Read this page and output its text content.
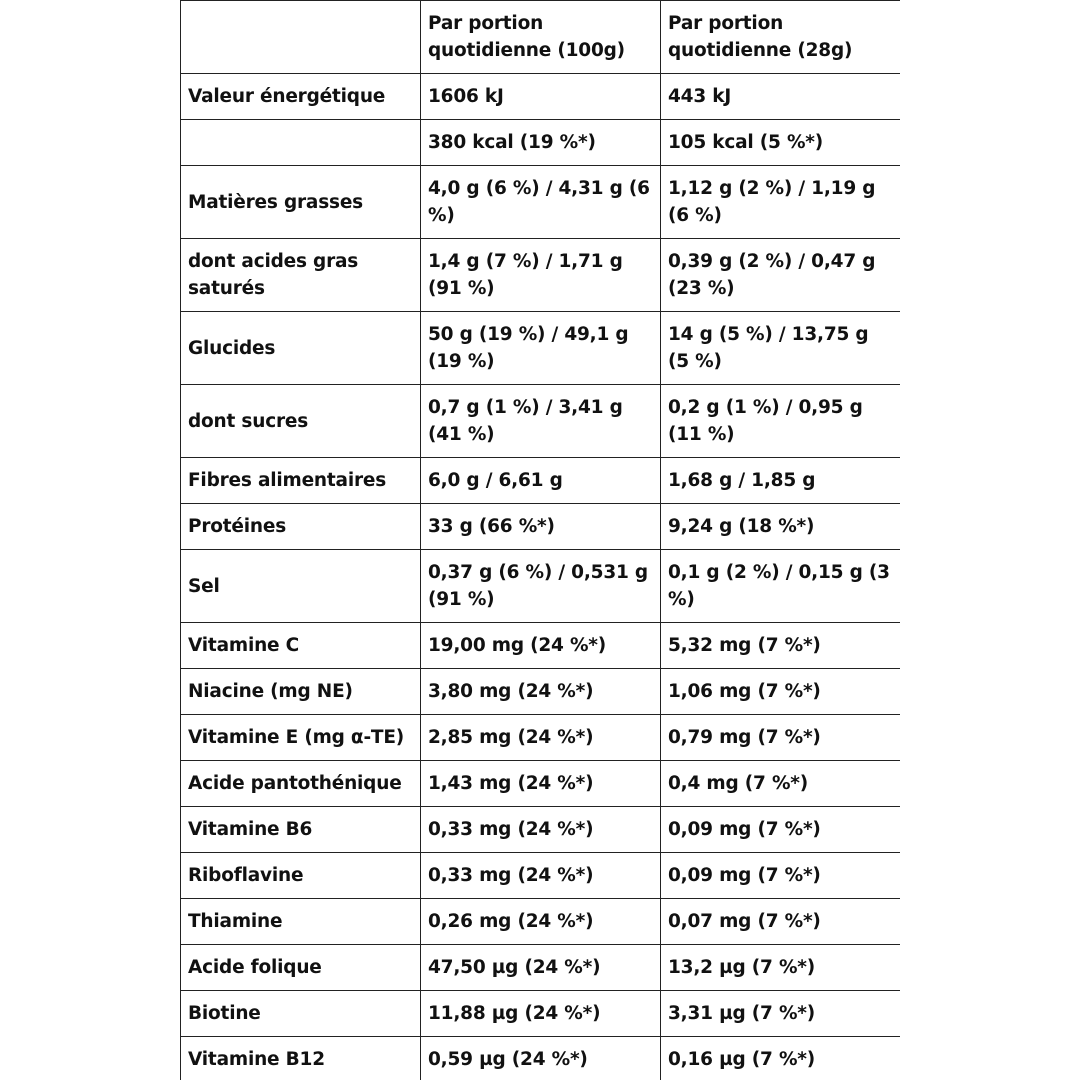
	Par portion quotidienne (100g)	Par portion quotidienne (28g)
Valeur énergétique	1606 kJ	443 kJ
	380 kcal (19 %*)	105 kcal (5 %*)
Matières grasses	4,0 g (6 %) / 4,31 g (6 %)	1,12 g (2 %) / 1,19 g (6 %)
dont acides gras saturés	1,4 g (7 %) / 1,71 g (91 %)	0,39 g (2 %) / 0,47 g (23 %)
Glucides	50 g (19 %) / 49,1 g (19 %)	14 g (5 %) / 13,75 g (5 %)
dont sucres	0,7 g (1 %) / 3,41 g (41 %)	0,2 g (1 %) / 0,95 g (11 %)
Fibres alimentaires	6,0 g / 6,61 g	1,68 g / 1,85 g
Protéines	33 g (66 %*)	9,24 g (18 %*)
Sel	0,37 g (6 %) / 0,531 g (91 %)	0,1 g (2 %) / 0,15 g (3 %)
Vitamine C	19,00 mg (24 %*)	5,32 mg (7 %*)
Niacine (mg NE)	3,80 mg (24 %*)	1,06 mg (7 %*)
Vitamine E (mg α-TE)	2,85 mg (24 %*)	0,79 mg (7 %*)
Acide pantothénique	1,43 mg (24 %*)	0,4 mg (7 %*)
Vitamine B6	0,33 mg (24 %*)	0,09 mg (7 %*)
Riboflavine	0,33 mg (24 %*)	0,09 mg (7 %*)
Thiamine	0,26 mg (24 %*)	0,07 mg (7 %*)
Acide folique	47,50 µg (24 %*)	13,2 µg (7 %*)
Biotine	11,88 µg (24 %*)	3,31 µg (7 %*)
Vitamine B12	0,59 µg (24 %*)	0,16 µg (7 %*)
